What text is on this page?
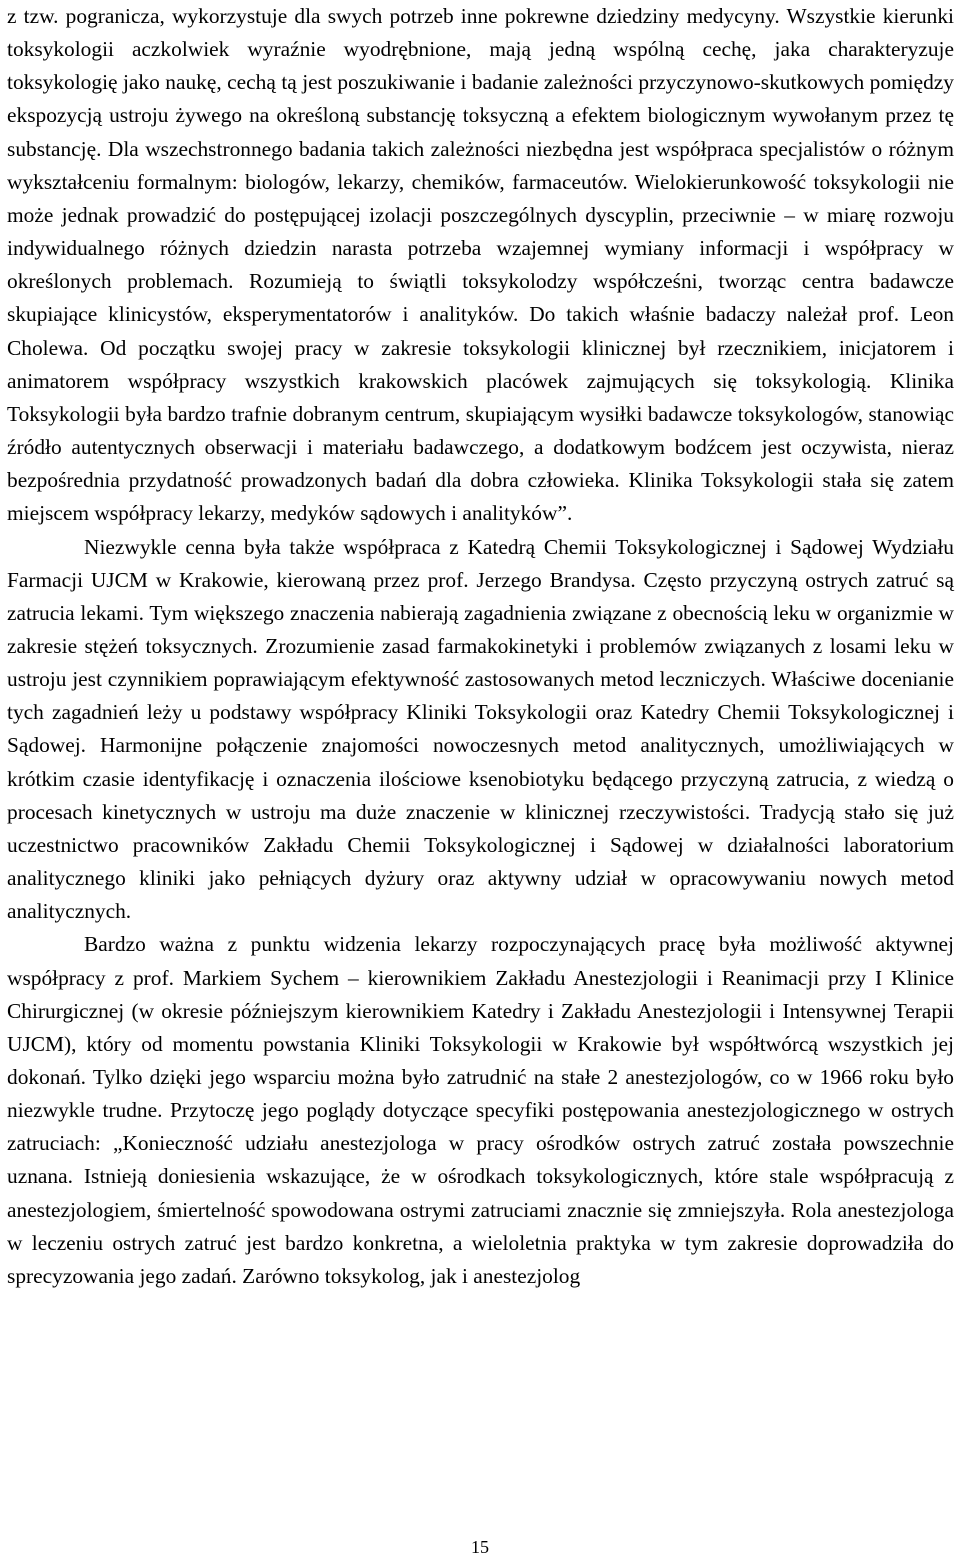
z tzw. pogranicza, wykorzystuje dla swych potrzeb inne pokrewne dziedziny medycyny. Wszystkie kierunki toksykologii aczkolwiek wyraźnie wyodrębnione, mają jedną wspólną cechę, jaka charakteryzuje toksykologię jako naukę, cechą tą jest poszukiwanie i badanie zależności przyczynowo-skutkowych pomiędzy ekspozycją ustroju żywego na określoną substancję toksyczną a efektem biologicznym wywołanym przez tę substancję. Dla wszechstronnego badania takich zależności niezbędna jest współpraca specjalistów o różnym wykształceniu formalnym: biologów, lekarzy, chemików, farmaceutów. Wielokierunkowość toksykologii nie może jednak prowadzić do postępującej izolacji poszczególnych dyscyplin, przeciwnie – w miarę rozwoju indywidualnego różnych dziedzin narasta potrzeba wzajemnej wymiany informacji i współpracy w określonych problemach. Rozumieją to świątli toksykolodzy współcześni, tworząc centra badawcze skupiające klinicystów, eksperymentatorów i analityków. Do takich właśnie badaczy należał prof. Leon Cholewa. Od początku swojej pracy w zakresie toksykologii klinicznej był rzecznikiem, inicjatorem i animatorem współpracy wszystkich krakowskich placówek zajmujących się toksykologią. Klinika Toksykologii była bardzo trafnie dobranym centrum, skupiającym wysiłki badawcze toksykologów, stanowiąc źródło autentycznych obserwacji i materiału badawczego, a dodatkowym bodźcem jest oczywista, nieraz bezpośrednia przydatność prowadzonych badań dla dobra człowieka. Klinika Toksykologii stała się zatem miejscem współpracy lekarzy, medyków sądowych i analityków”.

Niezwykle cenna była także współpraca z Katedrą Chemii Toksykologicznej i Sądowej Wydziału Farmacji UJCM w Krakowie, kierowaną przez prof. Jerzego Brandysa. Często przyczyną ostrych zatruć są zatrucia lekami. Tym większego znaczenia nabierają zagadnienia związane z obecnością leku w organizmie w zakresie stężeń toksycznych. Zrozumienie zasad farmakokinetyki i problemów związanych z losami leku w ustroju jest czynnikiem poprawiającym efektywność zastosowanych metod leczniczych. Właściwe docenianie tych zagadnień leży u podstawy współpracy Kliniki Toksykologii oraz Katedry Chemii Toksykologicznej i Sądowej. Harmonijne połączenie znajomości nowoczesnych metod analitycznych, umożliwiających w krótkim czasie identyfikację i oznaczenia ilościowe ksenobiotyku będącego przyczyną zatrucia, z wiedzą o procesach kinetycznych w ustroju ma duże znaczenie w klinicznej rzeczywistości. Tradycją stało się już uczestnictwo pracowników Zakładu Chemii Toksykologicznej i Sądowej w działalności laboratorium analitycznego kliniki jako pełniących dyżury oraz aktywny udział w opracowywaniu nowych metod analitycznych.

Bardzo ważna z punktu widzenia lekarzy rozpoczynających pracę była możliwość aktywnej współpracy z prof. Markiem Sychem – kierownikiem Zakładu Anestezjologii i Reanimacji przy I Klinice Chirurgicznej (w okresie późniejszym kierownikiem Katedry i Zakładu Anestezjologii i Intensywnej Terapii UJCM), który od momentu powstania Kliniki Toksykologii w Krakowie był współtwórcą wszystkich jej dokonań. Tylko dzięki jego wsparciu można było zatrudnić na stałe 2 anestezjologów, co w 1966 roku było niezwykle trudne. Przytoczę jego poglądy dotyczące specyfiki postępowania anestezjologicznego w ostrych zatruciach: „Konieczność udziału anestezjologa w pracy ośrodków ostrych zatruć została powszechnie uznana. Istnieją doniesienia wskazujące, że w ośrodkach toksykologicznych, które stale współpracują z anestezjologiem, śmiertelność spowodowana ostrymi zatruciami znacznie się zmniejszyła. Rola anestezjologa w leczeniu ostrych zatruć jest bardzo konkretna, a wieloletnia praktyka w tym zakresie doprowadziła do sprecyzowania jego zadań. Zarówno toksykolog, jak i anestezjolog

15
